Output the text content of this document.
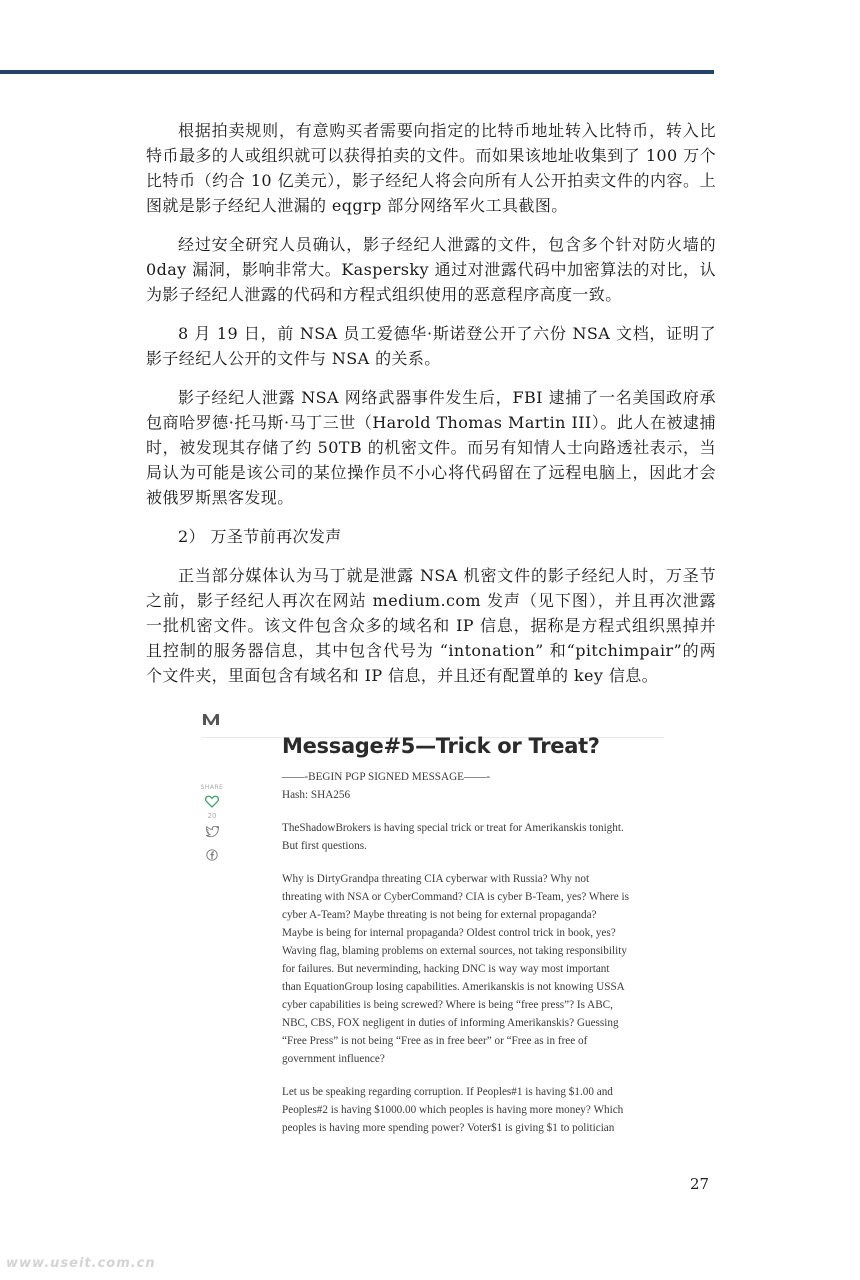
根据拍卖规则，有意购买者需要向指定的比特币地址转入比特币，转入比特币最多的人或组织就可以获得拍卖的文件。而如果该地址收集到了 100 万个比特币（约合 10 亿美元），影子经纪人将会向所有人公开拍卖文件的内容。上图就是影子经纪人泄漏的 eqgrp 部分网络军火工具截图。

经过安全研究人员确认，影子经纪人泄露的文件，包含多个针对防火墙的 0day 漏洞，影响非常大。Kaspersky 通过对泄露代码中加密算法的对比，认为影子经纪人泄露的代码和方程式组织使用的恶意程序高度一致。

8 月 19 日，前 NSA 员工爱德华·斯诺登公开了六份 NSA 文档，证明了影子经纪人公开的文件与 NSA 的关系。

影子经纪人泄露 NSA 网络武器事件发生后，FBI 逮捕了一名美国政府承包商哈罗德·托马斯·马丁三世（Harold Thomas Martin III）。此人在被逮捕时，被发现其存储了约 50TB 的机密文件。而另有知情人士向路透社表示，当局认为可能是该公司的某位操作员不小心将代码留在了远程电脑上，因此才会被俄罗斯黑客发现。

2） 万圣节前再次发声

正当部分媒体认为马丁就是泄露 NSA 机密文件的影子经纪人时，万圣节之前，影子经纪人再次在网站 medium.com 发声（见下图），并且再次泄露一批机密文件。该文件包含众多的域名和 IP 信息，据称是方程式组织黑掉并且控制的服务器信息，其中包含代号为 “intonation” 和“pitchimpair”的两个文件夹，里面包含有域名和 IP 信息，并且还有配置单的 key 信息。

Message#5—Trick or Treat?
SHARE
20

——-BEGIN PGP SIGNED MESSAGE——-

Hash: SHA256

TheShadowBrokers is having special trick or treat for Amerikanskis tonight.

But first questions.

Why is DirtyGrandpa threating CIA cyberwar with Russia? Why not

threating with NSA or CyberCommand? CIA is cyber B-Team, yes? Where is

cyber A-Team? Maybe threating is not being for external propaganda?

Maybe is being for internal propaganda? Oldest control trick in book, yes?

Waving flag, blaming problems on external sources, not taking responsibility

for failures. But neverminding, hacking DNC is way way most important

than EquationGroup losing capabilities. Amerikanskis is not knowing USSA

cyber capabilities is being screwed? Where is being “free press”? Is ABC,

NBC, CBS, FOX negligent in duties of informing Amerikanskis? Guessing

“Free Press” is not being “Free as in free beer” or “Free as in free of

government influence?

Let us be speaking regarding corruption. If Peoples#1 is having $1.00 and

Peoples#2 is having $1000.00 which peoples is having more money? Which

peoples is having more spending power? Voter$1 is giving $1 to politician

27
www.useit.com.cn
